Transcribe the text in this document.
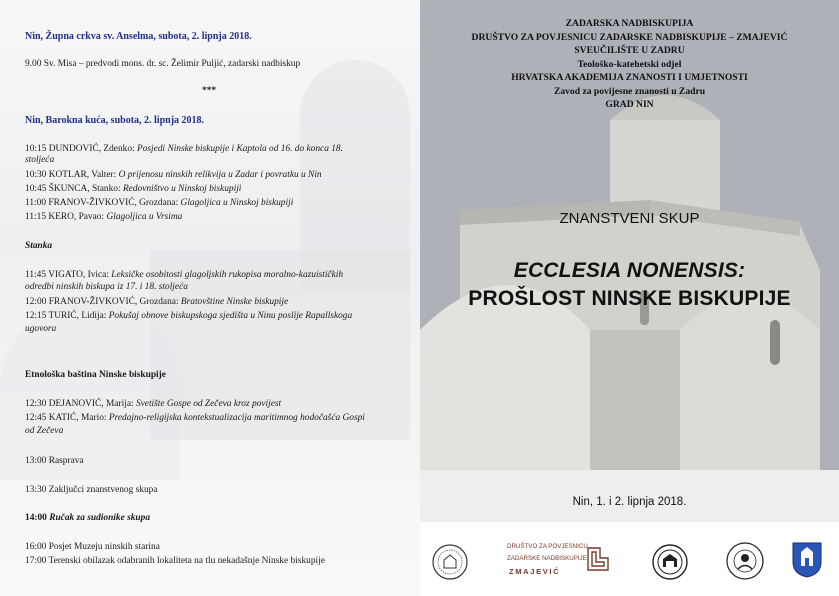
Nin, Župna crkva sv. Anselma, subota, 2. lipnja 2018.
9.00 Sv. Misa – predvodi mons. dr. sc. Želimir Puljić, zadarski nadbiskup
***
Nin, Barokna kuća, subota, 2. lipnja 2018.
10:15 DUNDOVIĆ, Zdenko: Posjedi Ninske biskupije i Kaptola od 16. do konca 18.
stoljeća
10:30 KOTLAR, Valter: O prijenosu ninskih relikvija u Zadar i povratku u Nin
10:45 ŠKUNCA, Stanko: Redovništvo u Ninskoj biskupiji
11:00 FRANOV-ŽIVKOVIĆ, Grozdana: Glagoljica u Ninskoj biskupiji
11:15 KERO, Pavao: Glagoljica u Vrsima
Stanka
11:45 VIGATO, Ivica: Leksičke osobitosti glagoljskih rukopisa moralno-kazuističkih
odredbi ninskih biskupa iz 17. i 18. stoljeća
12:00 FRANOV-ŽIVKOVIĆ, Grozdana: Bratovštine Ninske biskupije
12:15 TURIĆ, Lidija: Pokušaj obnove biskupskoga sjedišta u Ninu poslije Rapallskoga
ugovora
Etnološka baština Ninske biskupije
12:30 DEJANOVIĆ, Marija: Svetište Gospe od Zečeva kroz povijest
12:45 KATIĆ, Mario: Predajno-religijska kontekstualizacija maritimnog hodočašća Gospi
od Zečeva
13:00 Rasprava
13:30 Zaključci znanstvenog skupa
14:00 Ručak za sudionike skupa
16:00 Posjet Muzeju ninskih starina
17:00 Terenski obilazak odabranih lokaliteta na tlu nekadašnje Ninske biskupije
ZADARSKA NADBISKUPIJA
DRUŠTVO ZA POVJESNICU ZADARSKE NADBISKUPIJE – ZMAJEVIĆ
SVEUČILIŠTE U ZADRU
Teološko-katehetski odjel
HRVATSKA AKADEMIJA ZNANOSTI I UMJETNOSTI
Zavod za povijesne znanosti u Zadru
GRAD NIN
ZNANSTVENI SKUP
ECCLESIA NONENSIS:
PROŠLOST NINSKE BISKUPIJE
Nin, 1. i 2. lipnja 2018.
DRUŠTVO ZA POVJESNICU
ZADARSKE NADBISKUPIJE
ZMAJEVIĆ
